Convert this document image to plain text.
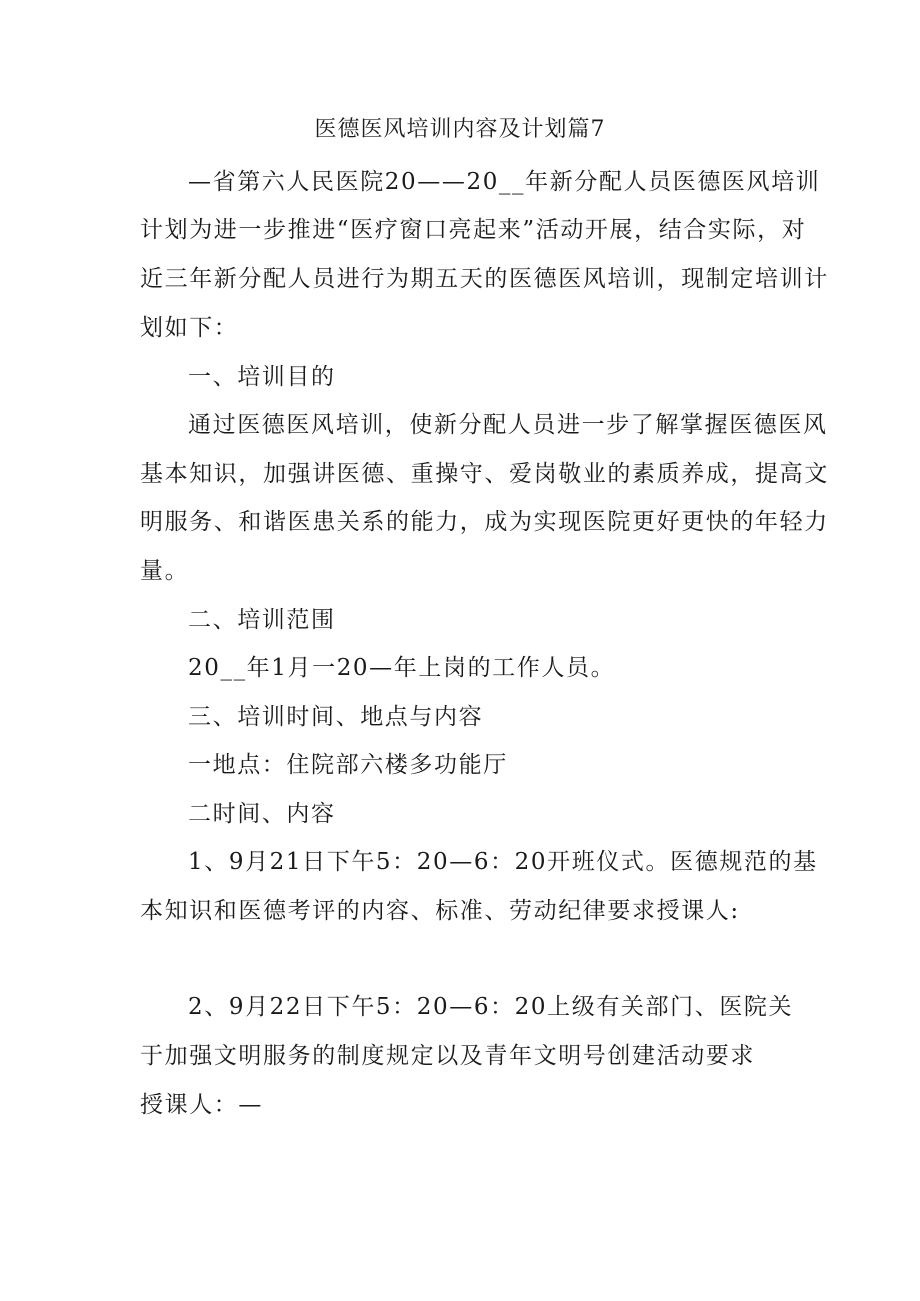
医德医风培训内容及计划篇7
—省第六人民医院20——20__年新分配人员医德医风培训
计划为进一步推进“医疗窗口亮起来”活动开展，结合实际，对
近三年新分配人员进行为期五天的医德医风培训，现制定培训计
划如下：
一、培训目的
通过医德医风培训，使新分配人员进一步了解掌握医德医风
基本知识，加强讲医德、重操守、爱岗敬业的素质养成，提高文
明服务、和谐医患关系的能力，成为实现医院更好更快的年轻力
量。
二、培训范围
20__年1月一20—年上岗的工作人员。
三、培训时间、地点与内容
一地点：住院部六楼多功能厅
二时间、内容
1、9月21日下午5：20—6：20开班仪式。医德规范的基
本知识和医德考评的内容、标准、劳动纪律要求授课人:
2、9月22日下午5：20—6：20上级有关部门、医院关
于加强文明服务的制度规定以及青年文明号创建活动要求
授课人：—
